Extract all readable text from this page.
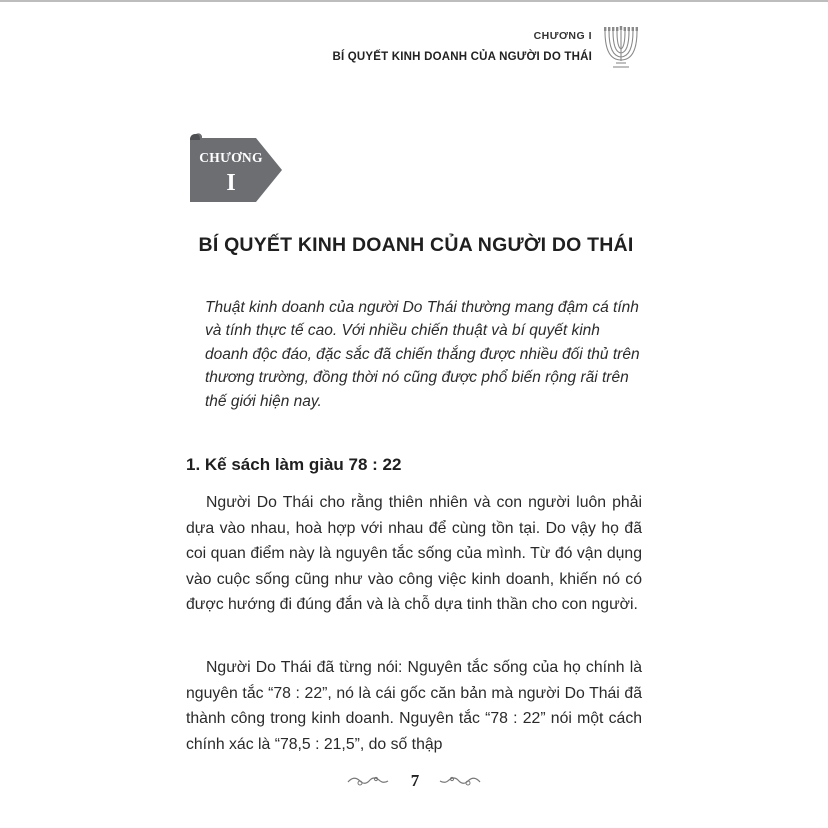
CHƯƠNG I
BÍ QUYẾT KINH DOANH CỦA NGƯỜI DO THÁI
CHƯƠNG
I
BÍ QUYẾT KINH DOANH CỦA NGƯỜI DO THÁI
Thuật kinh doanh của người Do Thái thường mang đậm cá tính và tính thực tế cao. Với nhiều chiến thuật và bí quyết kinh doanh độc đáo, đặc sắc đã chiến thắng được nhiều đối thủ trên thương trường, đồng thời nó cũng được phổ biến rộng rãi trên thế giới hiện nay.
1. Kế sách làm giàu 78 : 22

Người Do Thái cho rằng thiên nhiên và con người luôn phải dựa vào nhau, hoà hợp với nhau để cùng tồn tại. Do vậy họ đã coi quan điểm này là nguyên tắc sống của mình. Từ đó vận dụng vào cuộc sống cũng như vào công việc kinh doanh, khiến nó có được hướng đi đúng đắn và là chỗ dựa tinh thần cho con người.

Người Do Thái đã từng nói: Nguyên tắc sống của họ chính là nguyên tắc “78 : 22”, nó là cái gốc căn bản mà người Do Thái đã thành công trong kinh doanh. Nguyên tắc “78 : 22” nói một cách chính xác là “78,5 : 21,5”, do số thập

7
